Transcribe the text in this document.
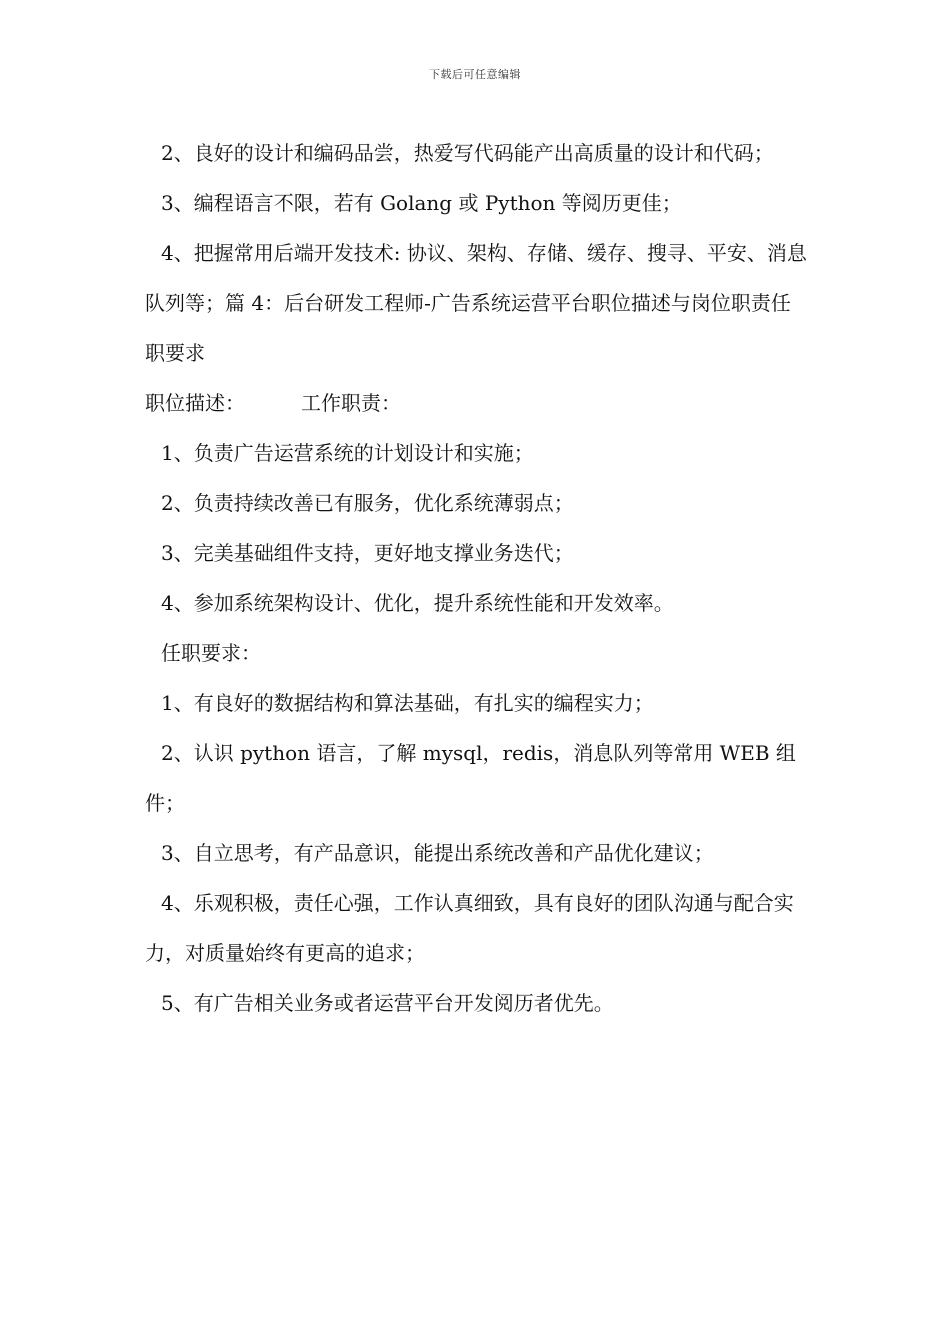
下载后可任意编辑

2、良好的设计和编码品尝，热爱写代码能产出高质量的设计和代码；

3、编程语言不限，若有 Golang 或 Python 等阅历更佳；

4、把握常用后端开发技术: 协议、架构、存储、缓存、搜寻、平安、消息队列等；篇 4：后台研发工程师-广告系统运营平台职位描述与岗位职责任职要求

职位描述：	工作职责：

1、负责广告运营系统的计划设计和实施；

2、负责持续改善已有服务，优化系统薄弱点；

3、完美基础组件支持，更好地支撑业务迭代；

4、参加系统架构设计、优化，提升系统性能和开发效率。

任职要求：

1、有良好的数据结构和算法基础，有扎实的编程实力；

2、认识 python 语言，了解 mysql，redis，消息队列等常用 WEB 组件；

3、自立思考，有产品意识，能提出系统改善和产品优化建议；

4、乐观积极，责任心强，工作认真细致，具有良好的团队沟通与配合实力，对质量始终有更高的追求；

5、有广告相关业务或者运营平台开发阅历者优先。
